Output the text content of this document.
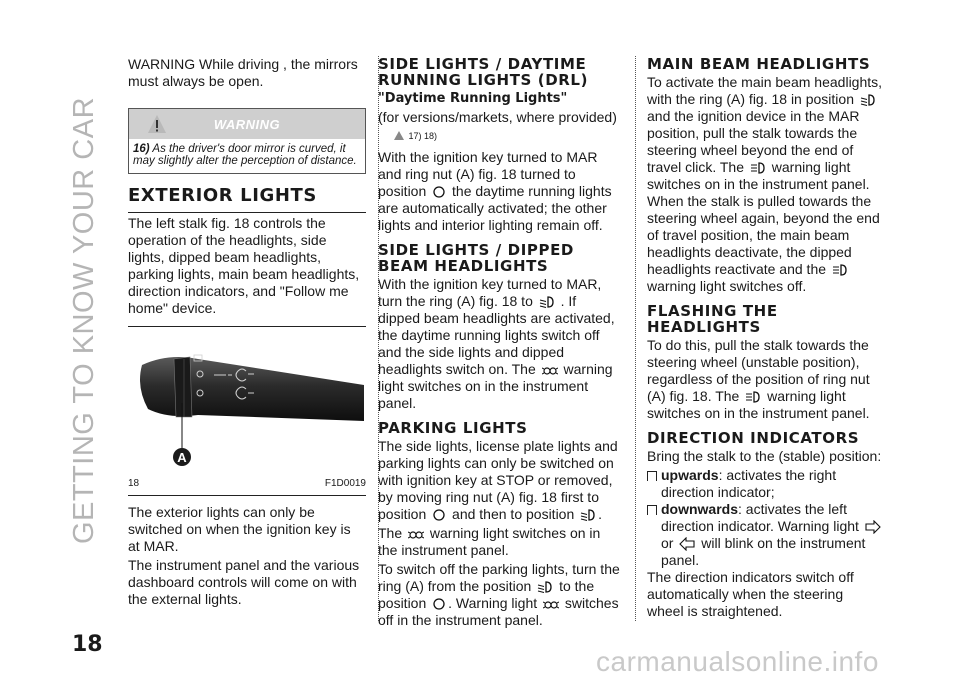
GETTING TO KNOW YOUR CAR

WARNING While driving , the mirrors must always be open.

WARNING
16) As the driver's door mirror is curved, it may slightly alter the perception of distance.
EXTERIOR LIGHTS

The left stalk fig. 18 controls the operation of the headlights, side lights, dipped beam headlights, parking lights, main beam headlights, direction indicators, and "Follow me home" device.

A
18	F1D0019

The exterior lights can only be switched on when the ignition key is at MAR.

The instrument panel and the various dashboard controls will come on with the external lights.

SIDE LIGHTS / DAYTIME RUNNING LIGHTS (DRL)
"Daytime Running Lights"

(for versions/markets, where provided)

17) 18)

With the ignition key turned to MAR and ring nut (A) fig. 18 turned to position the daytime running lights are automatically activated; the other lights and interior lighting remain off.

SIDE LIGHTS / DIPPED BEAM HEADLIGHTS

With the ignition key turned to MAR, turn the ring (A) fig. 18 to . If dipped beam headlights are activated, the daytime running lights switch off and the side lights and dipped headlights switch on. The warning light switches on in the instrument panel.

PARKING LIGHTS

The side lights, license plate lights and parking lights can only be switched on with ignition key at STOP or removed, by moving ring nut (A) fig. 18 first to position and then to position .

The warning light switches on in the instrument panel.

To switch off the parking lights, turn the ring (A) from the position to the position . Warning light switches off in the instrument panel.

MAIN BEAM HEADLIGHTS

To activate the main beam headlights, with the ring (A) fig. 18 in position  and the ignition device in the MAR position, pull the stalk towards the steering wheel beyond the end of travel click. The warning light switches on in the instrument panel. When the stalk is pulled towards the steering wheel again, beyond the end of travel position, the main beam headlights deactivate, the dipped headlights reactivate and the  warning light switches off.

FLASHING THE HEADLIGHTS

To do this, pull the stalk towards the steering wheel (unstable position), regardless of the position of ring nut (A) fig. 18. The warning light switches on in the instrument panel.

DIRECTION INDICATORS

Bring the stalk to the (stable) position:

upwards: activates the right direction indicator;
downwards: activates the left direction indicator. Warning light  or will blink on the instrument panel.

The direction indicators switch off automatically when the steering wheel is straightened.

18
carmanualsonline.info
